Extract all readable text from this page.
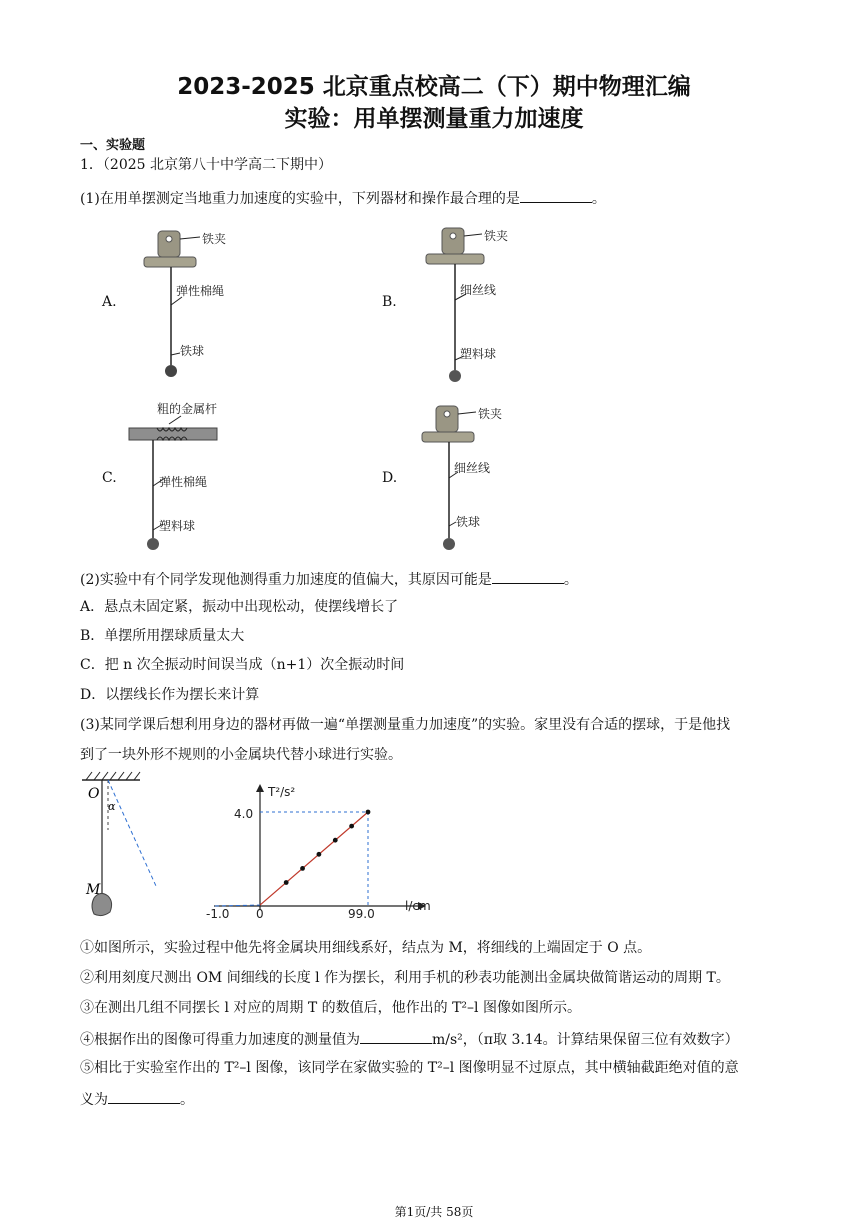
2023-2025 北京重点校高二（下）期中物理汇编
实验：用单摆测量重力加速度
一、实验题
1．（2025 北京第八十中学高二下期中）
(1)在用单摆测定当地重力加速度的实验中，下列器材和操作最合理的是	。
A.
铁夹
弹性棉绳
铁球
B.
铁夹
细丝线
塑料球
C.
粗的金属杆
弹性棉绳
塑料球
D.
铁夹
细丝线
铁球
(2)实验中有个同学发现他测得重力加速度的值偏大，其原因可能是	。
A．悬点未固定紧，振动中出现松动，使摆线增长了
B．单摆所用摆球质量太大
C．把 n 次全振动时间误当成（n+1）次全振动时间
D．以摆线长作为摆长来计算
(3)某同学课后想利用身边的器材再做一遍“单摆测量重力加速度”的实验。家里没有合适的摆球，于是他找
到了一块外形不规则的小金属块代替小球进行实验。
O
α
M
T²/s²
l/cm
4.0
-1.0 0	99.0
①如图所示，实验过程中他先将金属块用细线系好，结点为 M，将细线的上端固定于 O 点。
②利用刻度尺测出 OM 间细线的长度 l 作为摆长，利用手机的秒表功能测出金属块做简谐运动的周期 T。
③在测出几组不同摆长 l 对应的周期 T 的数值后，他作出的 T²–l 图像如图所示。
④根据作出的图像可得重力加速度的测量值为	m/s²，（π取 3.14。计算结果保留三位有效数字）
⑤相比于实验室作出的 T²–l 图像，该同学在家做实验的 T²–l 图像明显不过原点，其中横轴截距绝对值的意
义为	。
第1页/共 58页
